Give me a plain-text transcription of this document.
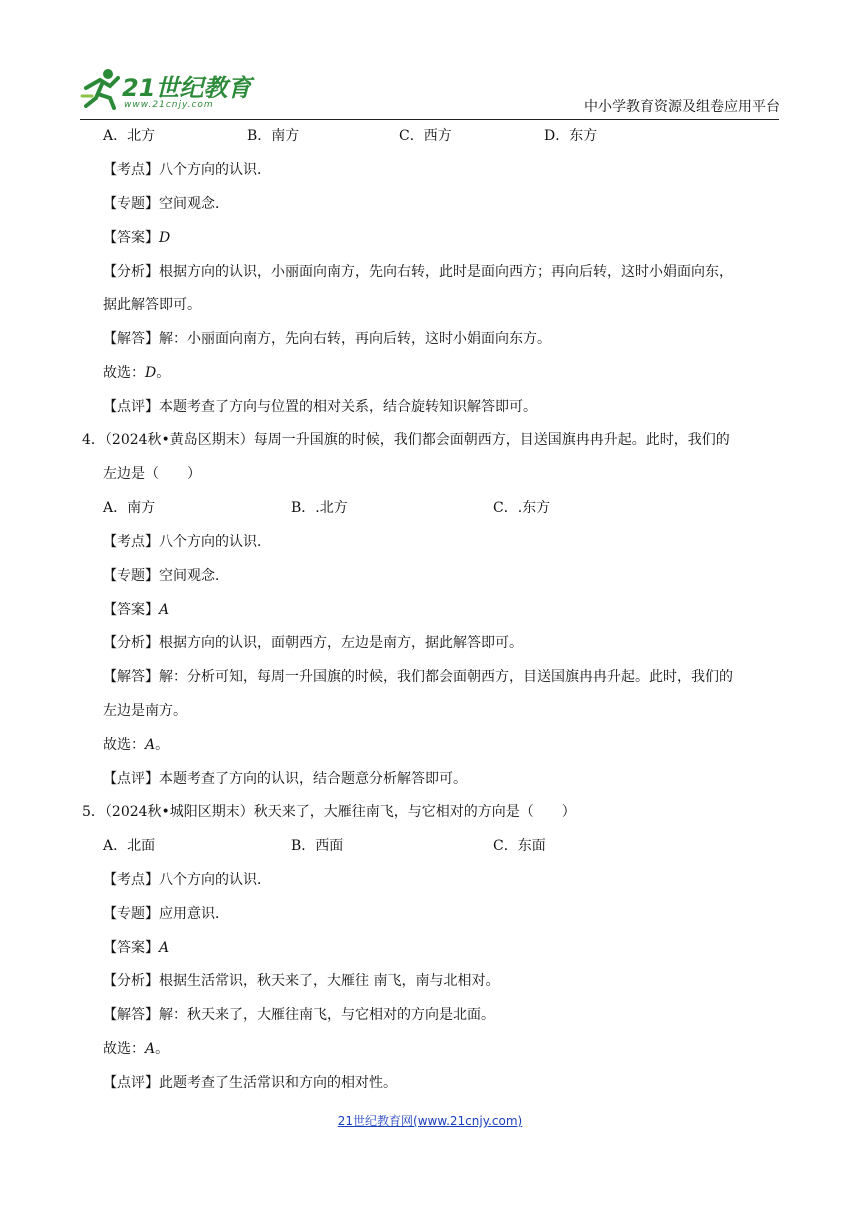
21世纪教育
www.21cnjy.com	中小学教育资源及组卷应用平台
A．北方	B．南方	C．西方	D．东方
【考点】八个方向的认识．
【专题】空间观念．
【答案】D
【分析】根据方向的认识，小丽面向南方，先向右转，此时是面向西方；再向后转，这时小娟面向东，
据此解答即可。
【解答】解：小丽面向南方，先向右转，再向后转，这时小娟面向东方。
故选：D。
【点评】本题考查了方向与位置的相对关系，结合旋转知识解答即可。
4．（2024秋•黄岛区期末）每周一升国旗的时候，我们都会面朝西方，目送国旗冉冉升起。此时，我们的
左边是（　　）
A．南方	B．.北方	C．.东方
【考点】八个方向的认识．
【专题】空间观念．
【答案】A
【分析】根据方向的认识，面朝西方，左边是南方，据此解答即可。
【解答】解：分析可知，每周一升国旗的时候，我们都会面朝西方，目送国旗冉冉升起。此时，我们的
左边是南方。
故选：A。
【点评】本题考查了方向的认识，结合题意分析解答即可。
5．（2024秋•城阳区期末）秋天来了，大雁往南飞，与它相对的方向是（　　）
A．北面	B．西面	C．东面
【考点】八个方向的认识．
【专题】应用意识．
【答案】A
【分析】根据生活常识，秋天来了，大雁往 南飞，南与北相对。
【解答】解：秋天来了，大雁往南飞，与它相对的方向是北面。
故选：A。
【点评】此题考查了生活常识和方向的相对性。
21世纪教育网(www.21cnjy.com)
